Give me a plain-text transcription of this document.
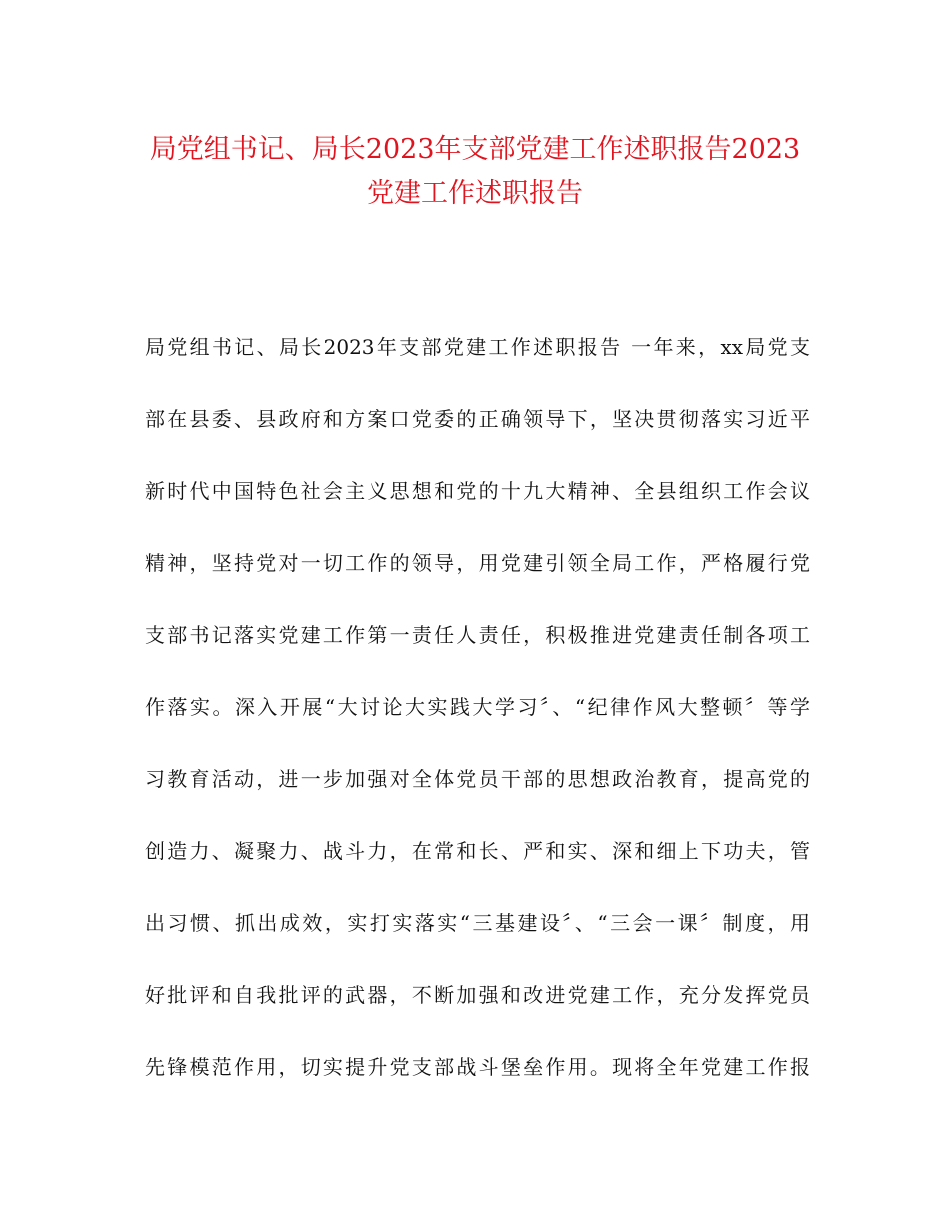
局党组书记、局长2023年支部党建工作述职报告2023
党建工作述职报告
局党组书记、局长2023年支部党建工作述职报告 一年来，xx局党支
部在县委、县政府和方案口党委的正确领导下，坚决贯彻落实习近平
新时代中国特色社会主义思想和党的十九大精神、全县组织工作会议
精神，坚持党对一切工作的领导，用党建引领全局工作，严格履行党
支部书记落实党建工作第一责任人责任，积极推进党建责任制各项工
作落实。深入开展“大讨论大实践大学习〞、“纪律作风大整顿〞等学
习教育活动，进一步加强对全体党员干部的思想政治教育，提高党的
创造力、凝聚力、战斗力，在常和长、严和实、深和细上下功夫，管
出习惯、抓出成效，实打实落实“三基建设〞、“三会一课〞制度，用
好批评和自我批评的武器，不断加强和改进党建工作，充分发挥党员
先锋模范作用，切实提升党支部战斗堡垒作用。现将全年党建工作报
